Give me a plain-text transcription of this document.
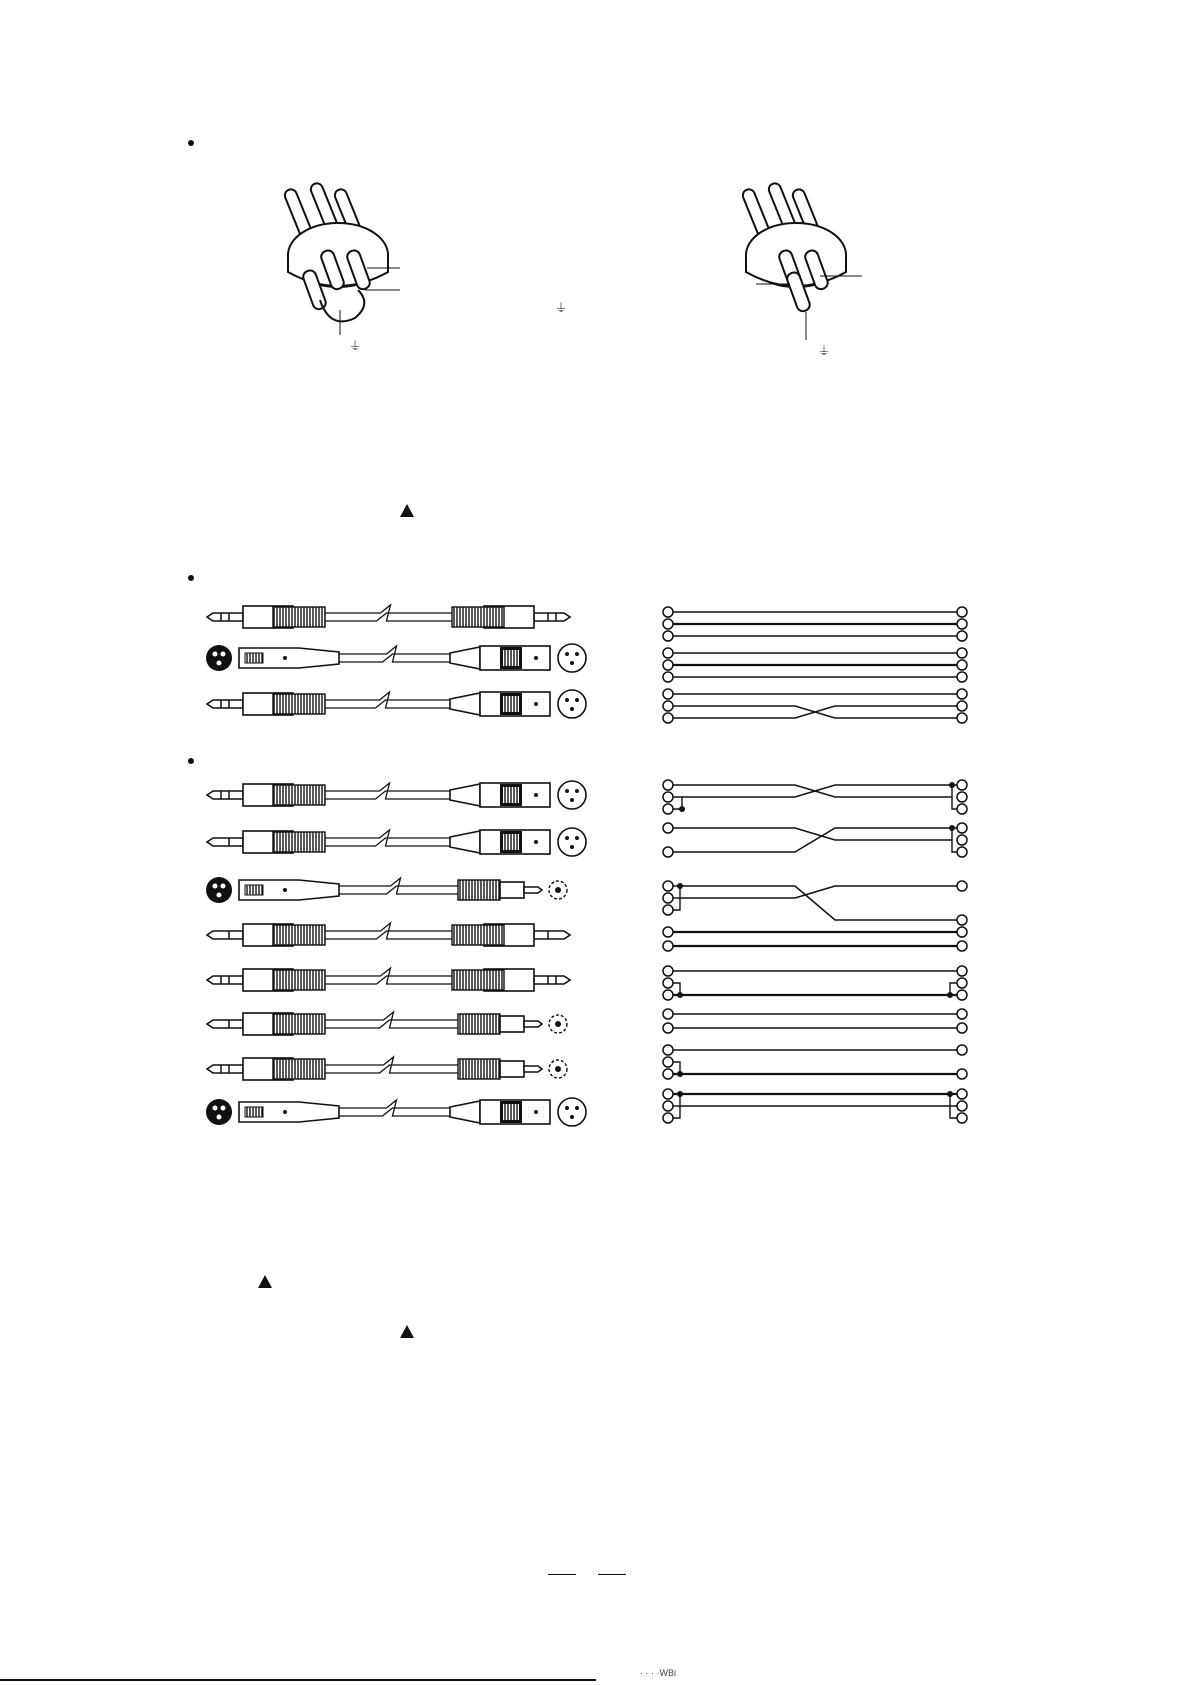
⏚
⏚
⏚
· · · ·WBi
